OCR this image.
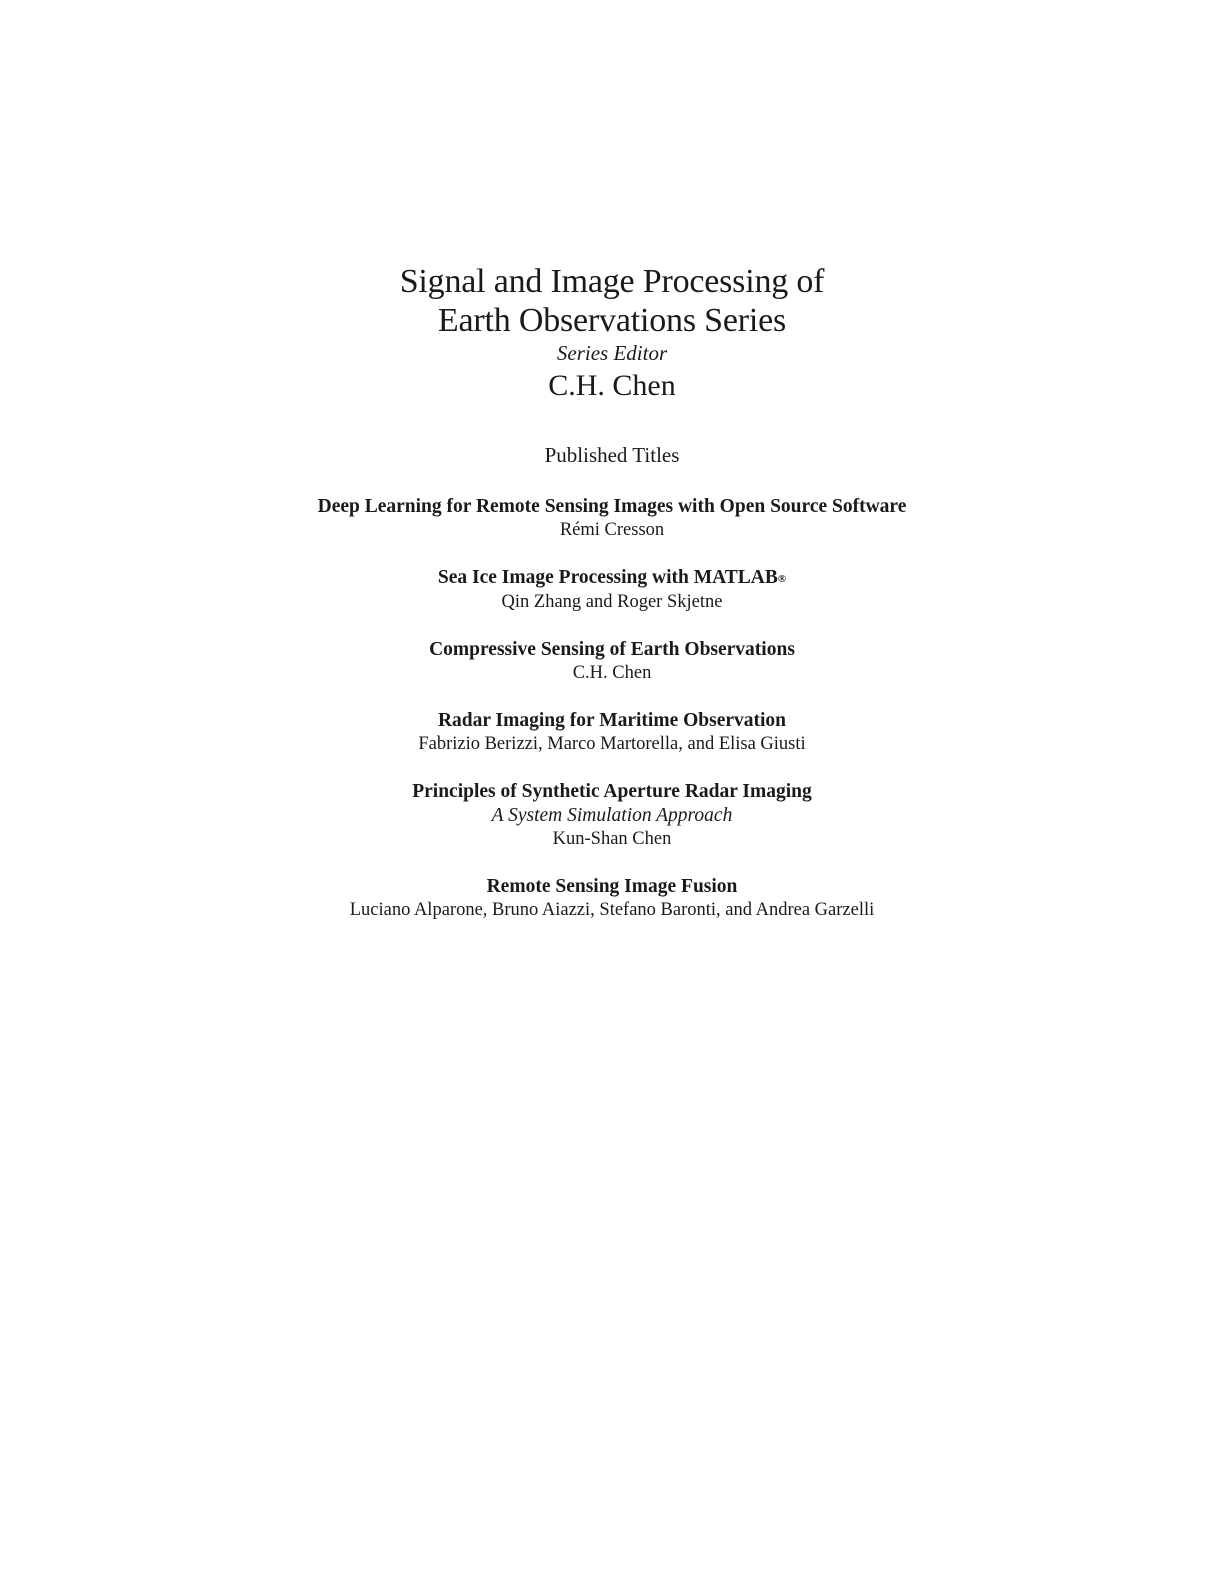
Signal and Image Processing of
Earth Observations Series
Series Editor
C.H. Chen
Published Titles
Deep Learning for Remote Sensing Images with Open Source Software
Rémi Cresson
Sea Ice Image Processing with MATLAB®
Qin Zhang and Roger Skjetne
Compressive Sensing of Earth Observations
C.H. Chen
Radar Imaging for Maritime Observation
Fabrizio Berizzi, Marco Martorella, and Elisa Giusti
Principles of Synthetic Aperture Radar Imaging
A System Simulation Approach
Kun-Shan Chen
Remote Sensing Image Fusion
Luciano Alparone, Bruno Aiazzi, Stefano Baronti, and Andrea Garzelli
